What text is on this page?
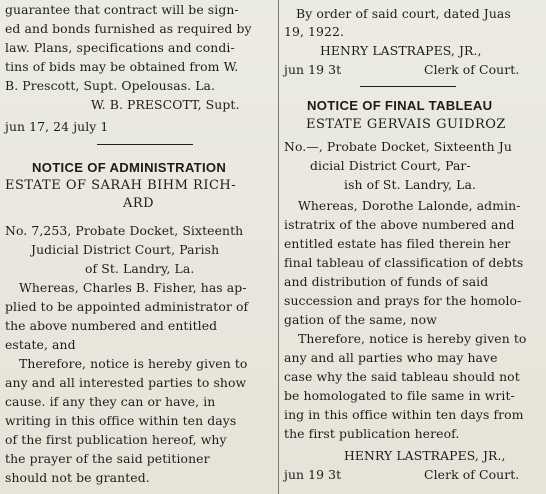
guarantee that contract will be sign-
ed and bonds furnished as required by
law. Plans, specifications and condi-
tins of bids may be obtained from W.
B. Prescott, Supt. Opelousas. La.
W. B. PRESCOTT, Supt.
jun 17, 24 july 1
NOTICE OF ADMINISTRATION
ESTATE OF SARAH BIHM RICH-
ARD
No. 7,253, Probate Docket, Sixteenth
Judicial District Court, Parish
of St. Landry, La.
Whereas, Charles B. Fisher, has ap-
plied to be appointed administrator of
the above numbered and entitled
estate, and
Therefore, notice is hereby given to
any and all interested parties to show
cause. if any they can or have, in
writing in this office within ten days
of the first publication hereof, why
the prayer of the said petitioner
should not be granted.
By order of said court, dated Juas
19, 1922.
HENRY LASTRAPES, JR.,
jun 19 3t	Clerk of Court.
NOTICE OF FINAL TABLEAU
ESTATE GERVAIS GUIDROZ
No.—, Probate Docket, Sixteenth Ju
dicial District Court, Par-
ish of St. Landry, La.
Whereas, Dorothe Lalonde, admin-
istratrix of the above numbered and
entitled estate has filed therein her
final tableau of classification of debts
and distribution of funds of said
succession and prays for the homolo-
gation of the same, now
Therefore, notice is hereby given to
any and all parties who may have
case why the said tableau should not
be homologated to file same in writ-
ing in this office within ten days from
the first publication hereof.
HENRY LASTRAPES, JR.,
jun 19 3t	Clerk of Court.
